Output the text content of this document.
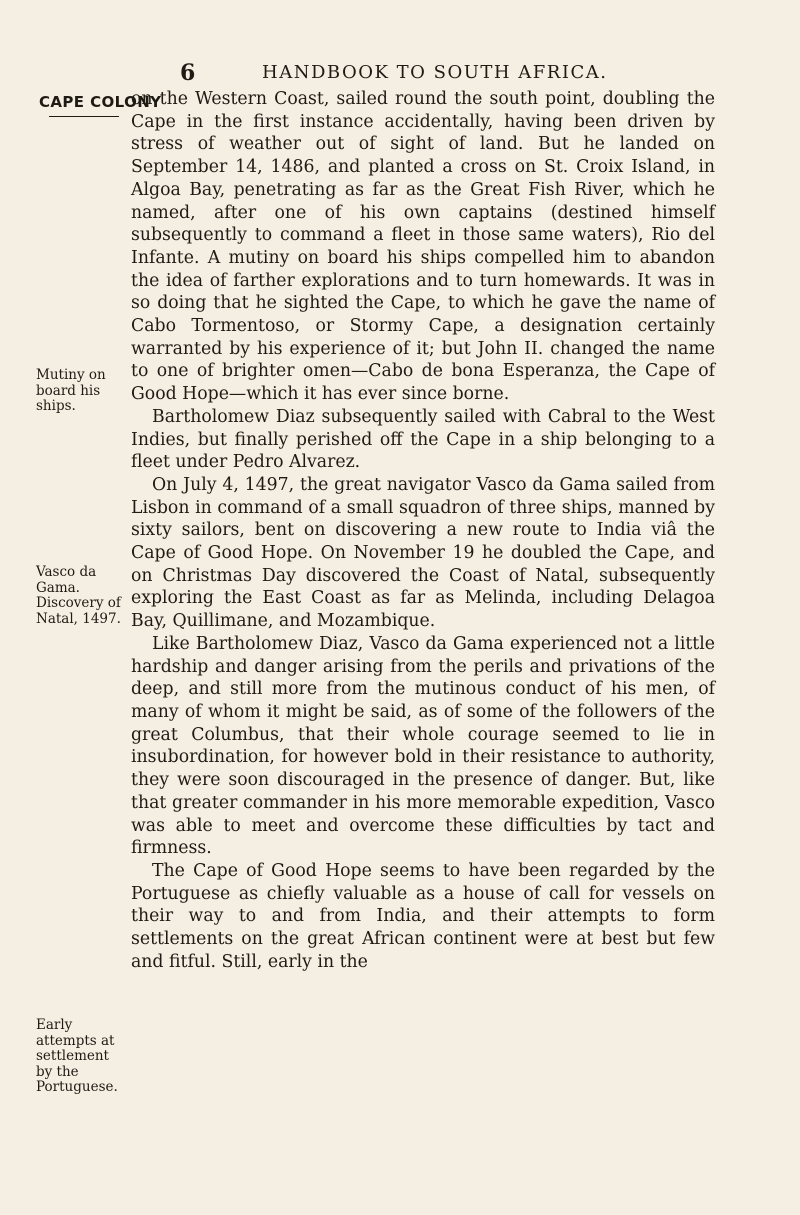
6	HANDBOOK TO SOUTH AFRICA.
CAPE COLONY
Mutiny on board his ships.
Vasco da Gama. Discovery of Natal, 1497.
Early attempts at settlement by the Portuguese.

on the Western Coast, sailed round the south point, doubling the Cape in the first instance accidentally, having been driven by stress of weather out of sight of land. But he landed on September 14, 1486, and planted a cross on St. Croix Island, in Algoa Bay, penetrating as far as the Great Fish River, which he named, after one of his own captains (destined himself subsequently to command a fleet in those same waters), Rio del Infante. A mutiny on board his ships compelled him to abandon the idea of farther explorations and to turn homewards. It was in so doing that he sighted the Cape, to which he gave the name of Cabo Tormentoso, or Stormy Cape, a designation certainly warranted by his experience of it; but John II. changed the name to one of brighter omen—Cabo de bona Esperanza, the Cape of Good Hope—which it has ever since borne.

Bartholomew Diaz subsequently sailed with Cabral to the West Indies, but finally perished off the Cape in a ship belonging to a fleet under Pedro Alvarez.

On July 4, 1497, the great navigator Vasco da Gama sailed from Lisbon in command of a small squadron of three ships, manned by sixty sailors, bent on discovering a new route to India viâ the Cape of Good Hope. On November 19 he doubled the Cape, and on Christmas Day discovered the Coast of Natal, subsequently exploring the East Coast as far as Melinda, including Delagoa Bay, Quillimane, and Mozambique.

Like Bartholomew Diaz, Vasco da Gama experienced not a little hardship and danger arising from the perils and privations of the deep, and still more from the mutinous conduct of his men, of many of whom it might be said, as of some of the followers of the great Columbus, that their whole courage seemed to lie in insubordination, for however bold in their resistance to authority, they were soon discouraged in the presence of danger. But, like that greater commander in his more memorable expedition, Vasco was able to meet and overcome these difficulties by tact and firmness.

The Cape of Good Hope seems to have been regarded by the Portuguese as chiefly valuable as a house of call for vessels on their way to and from India, and their attempts to form settlements on the great African continent were at best but few and fitful. Still, early in the
